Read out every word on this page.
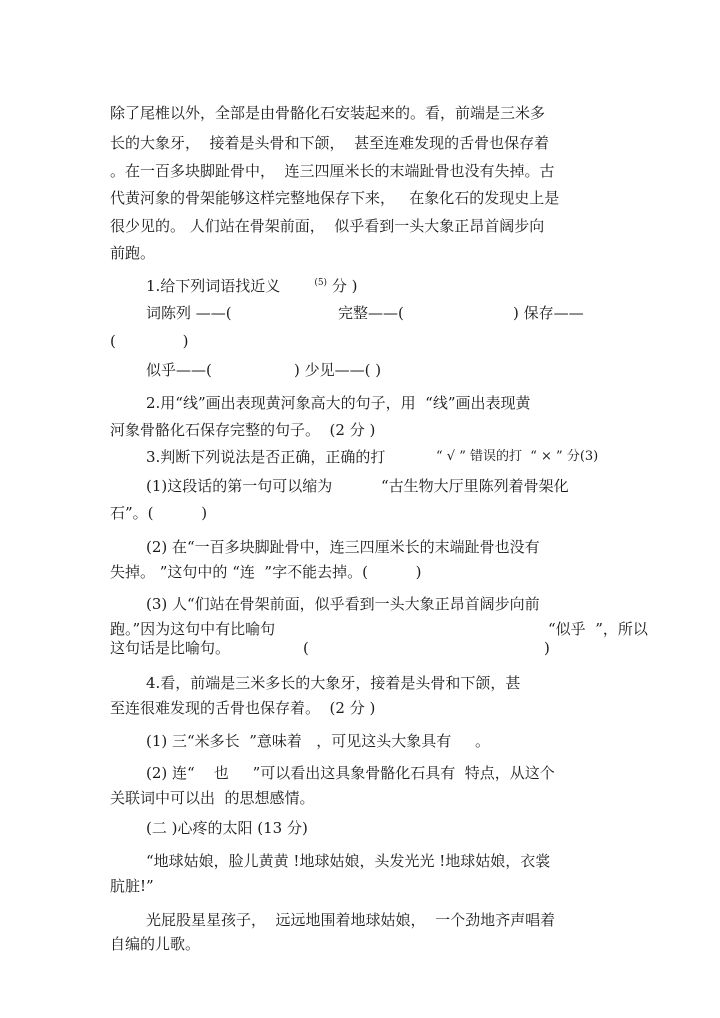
除了尾椎以外，全部是由骨骼化石安装起来的。看，前端是三米多
长的大象牙，  接着是头骨和下颌，  甚至连难发现的舌骨也保存着
。在一百多块脚趾骨中，  连三四厘米长的末端趾骨也没有失掉。古
代黄河象的骨架能够这样完整地保存下来，   在象化石的发现史上是
很少见的。 人们站在骨架前面，  似乎看到一头大象正昂首阔步向
前跑。
1.给下列词语找近义	$^{(5)}$ 分 )
词陈列 ——(	完整——(	) 保存——
(              )
似乎——(	) 少见——( )
2.用“线”画出表现黄河象高大的句子，用  “线”画出表现黄
河象骨骼化石保存完整的句子。  (2 分 )
3.判断下列说法是否正确，正确的打	“ √ ” 错误的打  “ × ” 分(3)
(1)这段话的第一句可以缩为	“古生物大厅里陈列着骨架化
石”。(          )
(2) 在“一百多块脚趾骨中，连三四厘米长的末端趾骨也没有
失掉。 ”这句中的 “连  ”字不能去掉。(          )
(3) 人“们站在骨架前面，似乎看到一头大象正昂首阔步向前
跑。”因为这句中有比喻句	“似乎  ”，所以
这句话是比喻句。	(	)
4.看，前端是三米多长的大象牙，接着是头骨和下颌，甚
至连很难发现的舌骨也保存着。  (2 分 )
(1) 三“米多长  ”意味着   ，可见这头大象具有     。
(2) 连“    也     ”可以看出这具象骨骼化石具有  特点，从这个
关联词中可以出  的思想感情。
(二 )心疼的太阳 (13 分)
“地球姑娘，脸儿黄黄 !地球姑娘，头发光光 !地球姑娘，衣裳
肮脏!”
光屁股星星孩子，  远远地围着地球姑娘，  一个劲地齐声唱着
自编的儿歌。
